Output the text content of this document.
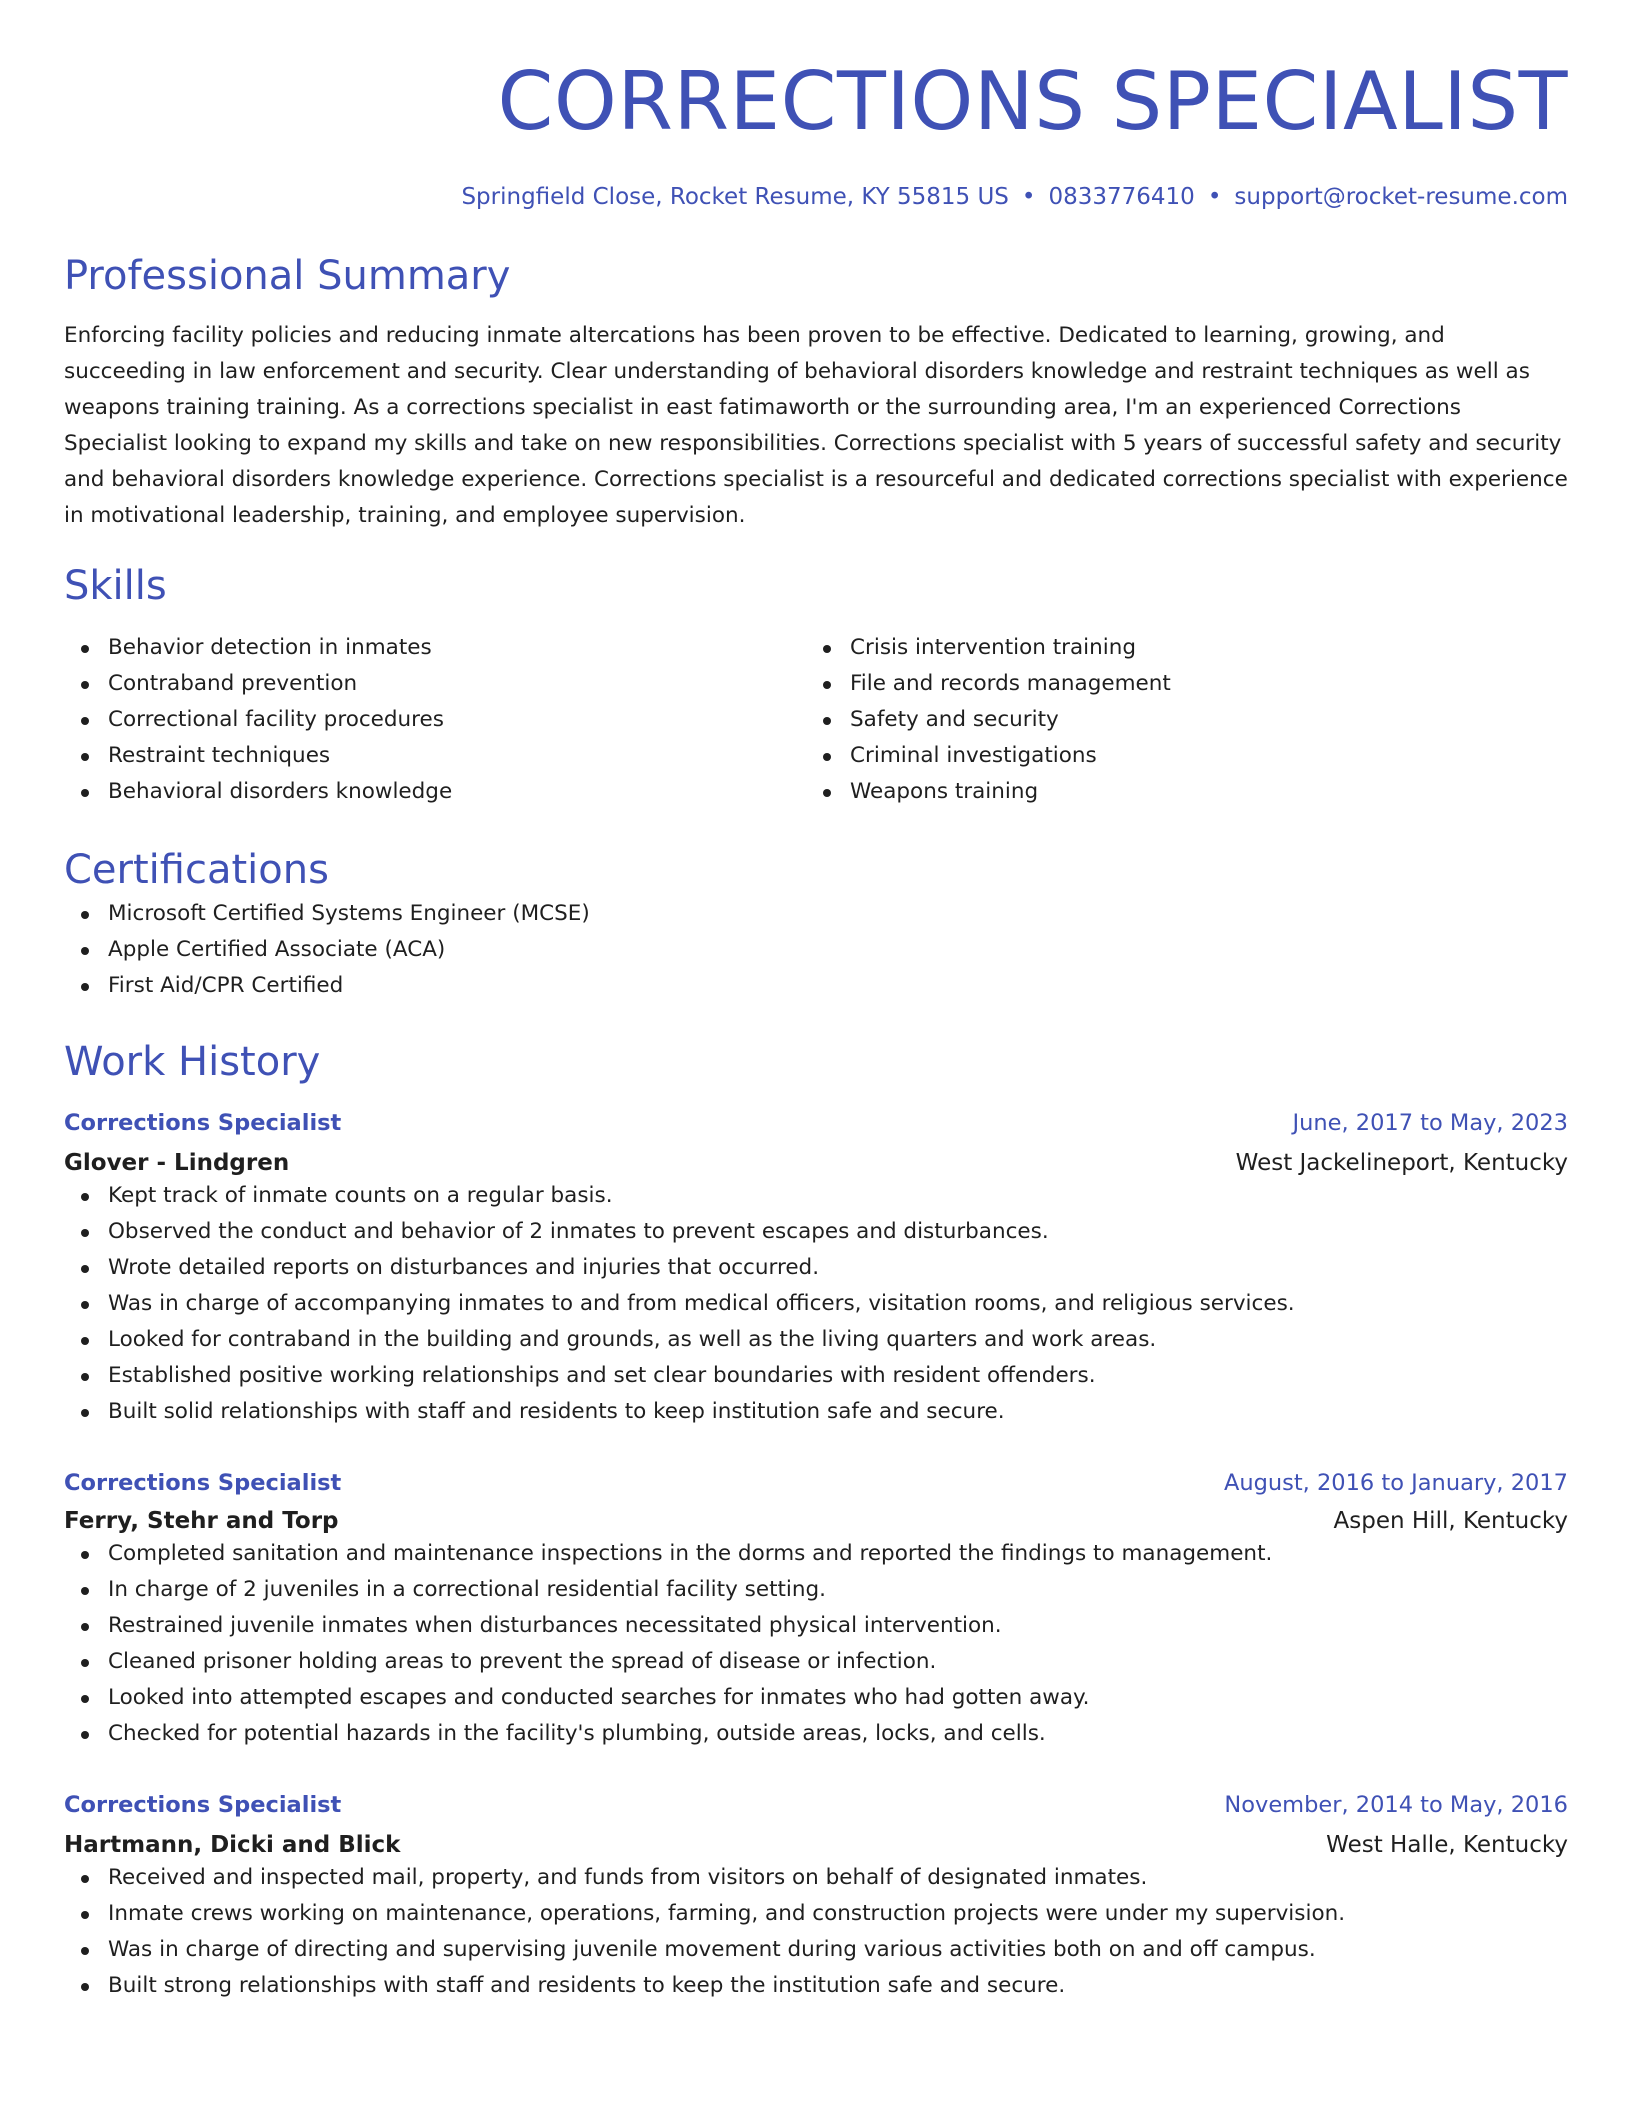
CORRECTIONS SPECIALIST
Springfield Close, Rocket Resume, KY 55815 US • 0833776410 • support@rocket-resume.com
Professional Summary
Enforcing facility policies and reducing inmate altercations has been proven to be effective. Dedicated to learning, growing, and succeeding in law enforcement and security. Clear understanding of behavioral disorders knowledge and restraint techniques as well as weapons training training. As a corrections specialist in east fatimaworth or the surrounding area, I'm an experienced Corrections Specialist looking to expand my skills and take on new responsibilities. Corrections specialist with 5 years of successful safety and security and behavioral disorders knowledge experience. Corrections specialist is a resourceful and dedicated corrections specialist with experience in motivational leadership, training, and employee supervision.
Skills
Behavior detection in inmates
Contraband prevention
Correctional facility procedures
Restraint techniques
Behavioral disorders knowledge
Crisis intervention training
File and records management
Safety and security
Criminal investigations
Weapons training
Certifications
Microsoft Certified Systems Engineer (MCSE)
Apple Certified Associate (ACA)
First Aid/CPR Certified
Work History
Corrections Specialist	June, 2017 to May, 2023
Glover - Lindgren	West Jackelineport, Kentucky
Kept track of inmate counts on a regular basis.
Observed the conduct and behavior of 2 inmates to prevent escapes and disturbances.
Wrote detailed reports on disturbances and injuries that occurred.
Was in charge of accompanying inmates to and from medical officers, visitation rooms, and religious services.
Looked for contraband in the building and grounds, as well as the living quarters and work areas.
Established positive working relationships and set clear boundaries with resident offenders.
Built solid relationships with staff and residents to keep institution safe and secure.
Corrections Specialist	August, 2016 to January, 2017
Ferry, Stehr and Torp	Aspen Hill, Kentucky
Completed sanitation and maintenance inspections in the dorms and reported the findings to management.
In charge of 2 juveniles in a correctional residential facility setting.
Restrained juvenile inmates when disturbances necessitated physical intervention.
Cleaned prisoner holding areas to prevent the spread of disease or infection.
Looked into attempted escapes and conducted searches for inmates who had gotten away.
Checked for potential hazards in the facility's plumbing, outside areas, locks, and cells.
Corrections Specialist	November, 2014 to May, 2016
Hartmann, Dicki and Blick	West Halle, Kentucky
Received and inspected mail, property, and funds from visitors on behalf of designated inmates.
Inmate crews working on maintenance, operations, farming, and construction projects were under my supervision.
Was in charge of directing and supervising juvenile movement during various activities both on and off campus.
Built strong relationships with staff and residents to keep the institution safe and secure.
